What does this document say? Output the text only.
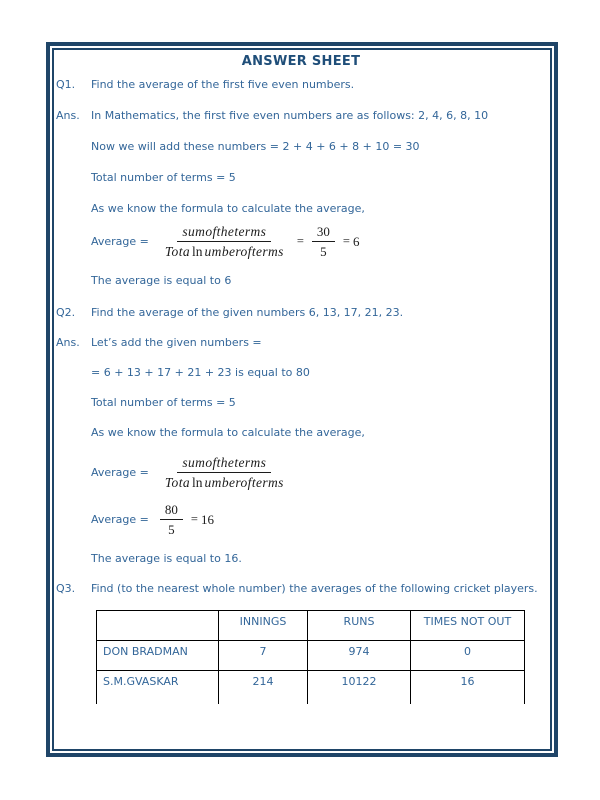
ANSWER SHEET
Q1.	Find the average of the first five even numbers.
Ans.	In Mathematics, the first five even numbers are as follows: 2, 4, 6, 8, 10
Now we will add these numbers = 2 + 4 + 6 + 8 + 10 = 30
Total number of terms = 5
As we know the formula to calculate the average,
Average = $\frac{\text{sumoftheterms}}{\text{Tota ln umberofterms}} = \frac{30}{5} = 6$
The average is equal to 6
Q2.	Find the average of the given numbers 6, 13, 17, 21, 23.
Ans.	Let’s add the given numbers =
= 6 + 13 + 17 + 21 + 23 is equal to 80
Total number of terms = 5
As we know the formula to calculate the average,
Average = $\frac{\text{sumoftheterms}}{\text{Tota ln umberofterms}}$
Average = $\frac{80}{5} = 16$
The average is equal to 16.
Q3.	Find (to the nearest whole number) the averages of the following cricket players.
	INNINGS	RUNS	TIMES NOT OUT
DON BRADMAN	7	974	0
S.M.GVASKAR	214	10122	16
